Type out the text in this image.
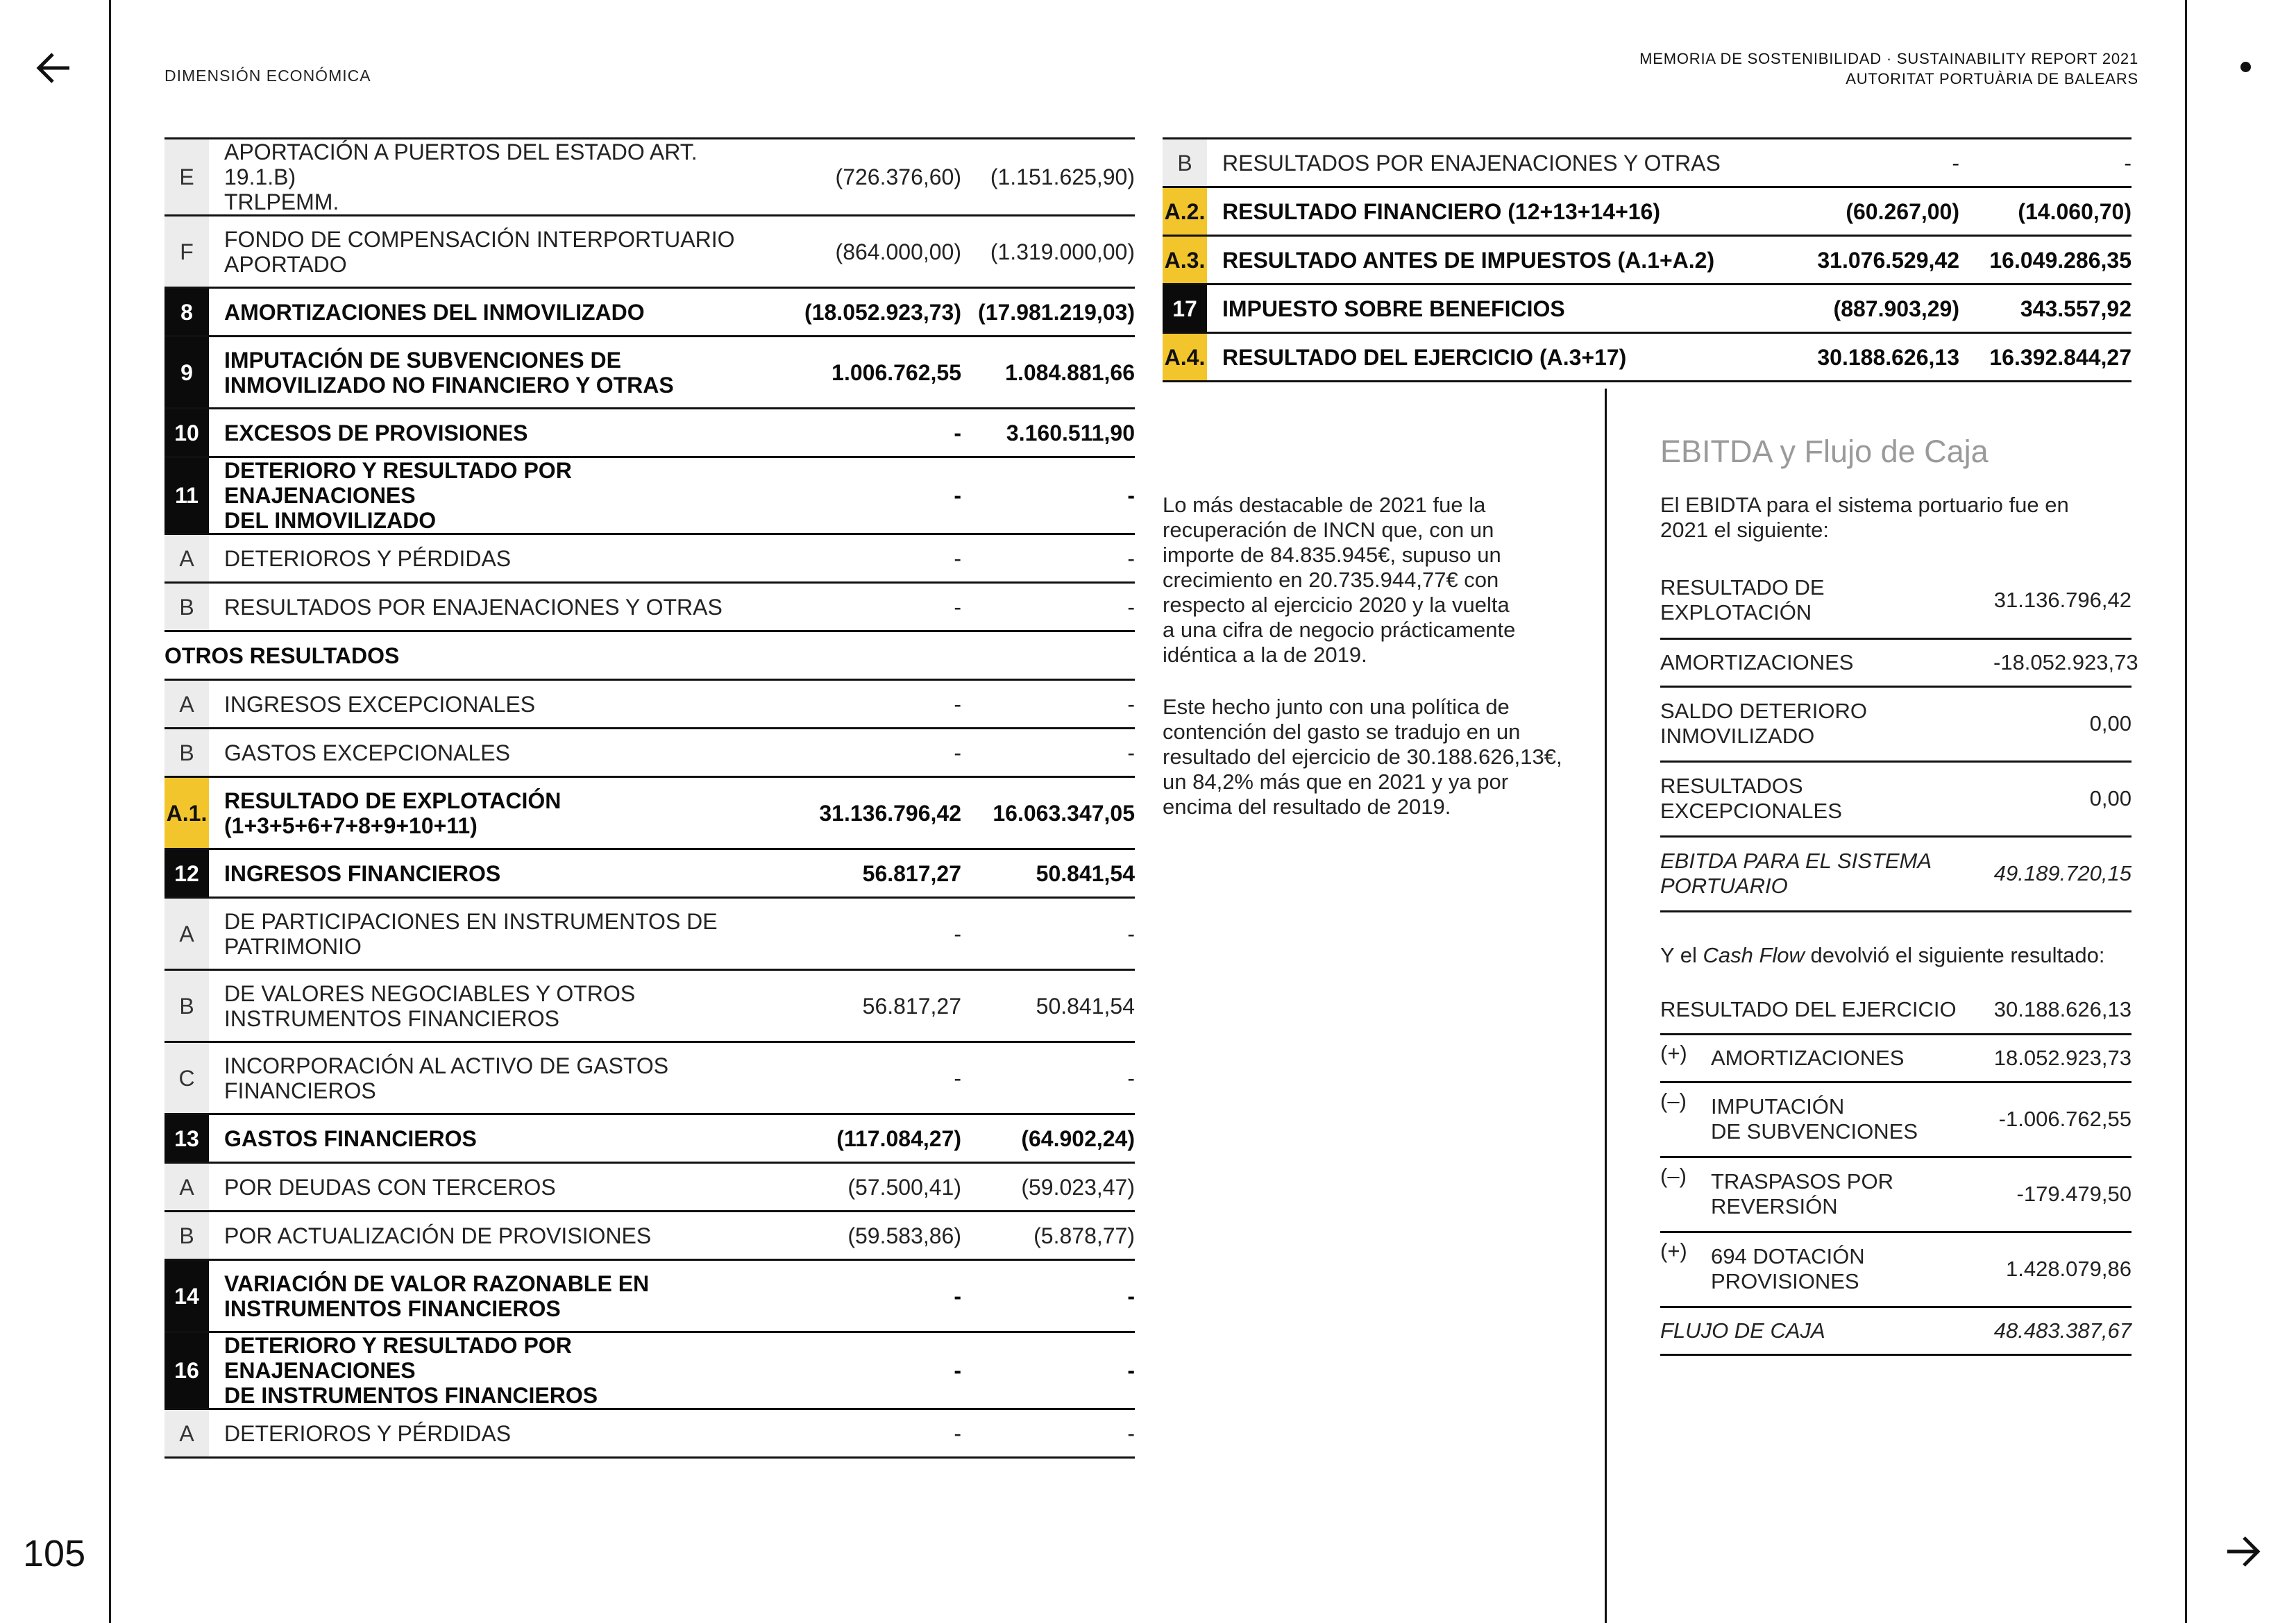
DIMENSIÓN ECONÓMICA
MEMORIA DE SOSTENIBILIDAD · SUSTAINABILITY REPORT 2021
AUTORITAT PORTUÀRIA DE BALEARS
105
E	APORTACIÓN A PUERTOS DEL ESTADO ART. 19.1.B)
TRLPEMM.	(726.376,60)	(1.151.625,90)
F	FONDO DE COMPENSACIÓN INTERPORTUARIO
APORTADO	(864.000,00)	(1.319.000,00)
8	AMORTIZACIONES DEL INMOVILIZADO	(18.052.923,73)	(17.981.219,03)
9	IMPUTACIÓN DE SUBVENCIONES DE
INMOVILIZADO NO FINANCIERO Y OTRAS	1.006.762,55	1.084.881,66
10	EXCESOS DE PROVISIONES	-	3.160.511,90
11	DETERIORO Y RESULTADO POR ENAJENACIONES
DEL INMOVILIZADO	-	-
A	DETERIOROS Y PÉRDIDAS	-	-
B	RESULTADOS POR ENAJENACIONES Y OTRAS	-	-
OTROS RESULTADOS			
A	INGRESOS EXCEPCIONALES	-	-
B	GASTOS EXCEPCIONALES	-	-
A.1.	RESULTADO DE EXPLOTACIÓN
(1+3+5+6+7+8+9+10+11)	31.136.796,42	16.063.347,05
12	INGRESOS FINANCIEROS	56.817,27	50.841,54
A	DE PARTICIPACIONES EN INSTRUMENTOS DE
PATRIMONIO	-	-
B	DE VALORES NEGOCIABLES Y OTROS
INSTRUMENTOS FINANCIEROS	56.817,27	50.841,54
C	INCORPORACIÓN AL ACTIVO DE GASTOS
FINANCIEROS	-	-
13	GASTOS FINANCIEROS	(117.084,27)	(64.902,24)
A	POR DEUDAS CON TERCEROS	(57.500,41)	(59.023,47)
B	POR ACTUALIZACIÓN DE PROVISIONES	(59.583,86)	(5.878,77)
14	VARIACIÓN DE VALOR RAZONABLE EN
INSTRUMENTOS FINANCIEROS	-	-
16	DETERIORO Y RESULTADO POR ENAJENACIONES
DE INSTRUMENTOS FINANCIEROS	-	-
A	DETERIOROS Y PÉRDIDAS	-	-
B	RESULTADOS POR ENAJENACIONES Y OTRAS	-	-
A.2.	RESULTADO FINANCIERO (12+13+14+16)	(60.267,00)	(14.060,70)
A.3.	RESULTADO ANTES DE IMPUESTOS (A.1+A.2)	31.076.529,42	16.049.286,35
17	IMPUESTO SOBRE BENEFICIOS	(887.903,29)	343.557,92
A.4.	RESULTADO DEL EJERCICIO (A.3+17)	30.188.626,13	16.392.844,27
Lo más destacable de 2021 fue la
recuperación de INCN que, con un
importe de 84.835.945€, supuso un
crecimiento en 20.735.944,77€ con
respecto al ejercicio 2020 y la vuelta
a una cifra de negocio prácticamente
idéntica a la de 2019.
Este hecho junto con una política de
contención del gasto se tradujo en un
resultado del ejercicio de 30.188.626,13€,
un 84,2% más que en 2021 y ya por
encima del resultado de 2019.
EBITDA y Flujo de Caja
El EBIDTA para el sistema portuario fue en
2021 el siguiente:
RESULTADO DE
EXPLOTACIÓN	31.136.796,42
AMORTIZACIONES	-18.052.923,73
SALDO DETERIORO
INMOVILIZADO	0,00
RESULTADOS
EXCEPCIONALES	0,00
EBITDA PARA EL SISTEMA
PORTUARIO	49.189.720,15
Y el Cash Flow devolvió el siguiente resultado:
RESULTADO DEL EJERCICIO		30.188.626,13
(+)	AMORTIZACIONES	18.052.923,73
(–)	IMPUTACIÓN
DE SUBVENCIONES	-1.006.762,55
(–)	TRASPASOS POR
REVERSIÓN	-179.479,50
(+)	694 DOTACIÓN
PROVISIONES	1.428.079,86
FLUJO DE CAJA		48.483.387,67
